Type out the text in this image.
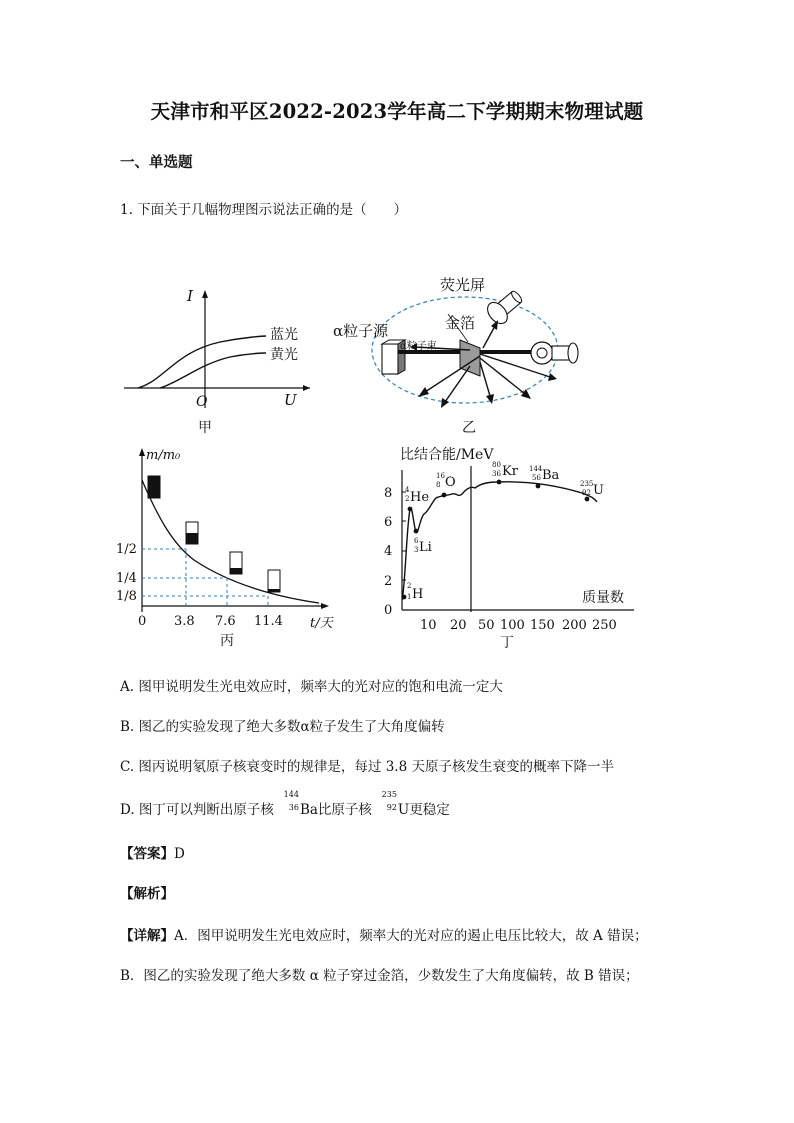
天津市和平区2022-2023学年高二下学期期末物理试题
一、单选题
1. 下面关于几幅物理图示说法正确的是（　　）
I
蓝光
黄光
O	U
甲
荧光屏
金箔
α粒子源
α粒子束
乙
m/m₀
1/2
1/4
1/8
0 3.8 7.6 11.4 t/天
丙
比结合能/MeV
8
6
4
2
0
10 20 50 100 150 200 250
质量数
丁
2
1 H
4
2 He
6
3 Li
16
8 O
80
36 Kr 144
56 Ba
235
92 U
A. 图甲说明发生光电效应时，频率大的光对应的饱和电流一定大
B. 图乙的实验发现了绝大多数α粒子发生了大角度偏转
C. 图丙说明氡原子核衰变时的规律是，每过 3.8 天原子核发生衰变的概率下降一半
D. 图丁可以判断出原子核
144
36 Ba比原子核
235
92 U更稳定
【答案】D
【解析】
【详解】A．图甲说明发生光电效应时，频率大的光对应的遏止电压比较大，故 A 错误；
B．图乙的实验发现了绝大多数 α 粒子穿过金箔，少数发生了大角度偏转，故 B 错误；
